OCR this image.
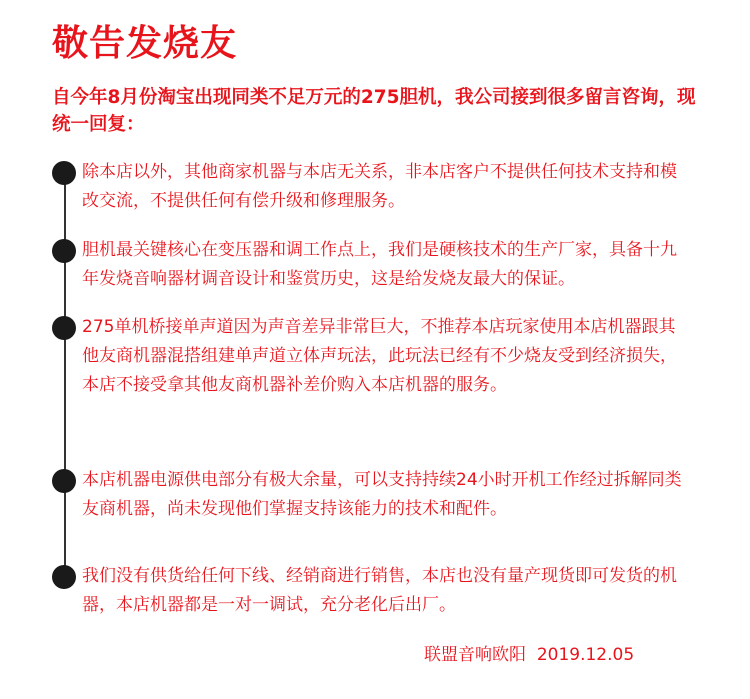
敬告发烧友
自今年8月份淘宝出现同类不足万元的275胆机，我公司接到很多留言咨询，现统一回复：
除本店以外，其他商家机器与本店无关系，非本店客户不提供任何技术支持和模改交流，不提供任何有偿升级和修理服务。
胆机最关键核心在变压器和调工作点上，我们是硬核技术的生产厂家，具备十九年发烧音响器材调音设计和鉴赏历史，这是给发烧友最大的保证。
275单机桥接单声道因为声音差异非常巨大，不推荐本店玩家使用本店机器跟其他友商机器混搭组建单声道立体声玩法，此玩法已经有不少烧友受到经济损失，本店不接受拿其他友商机器补差价购入本店机器的服务。
本店机器电源供电部分有极大余量，可以支持持续24小时开机工作经过拆解同类友商机器，尚未发现他们掌握支持该能力的技术和配件。
我们没有供货给任何下线、经销商进行销售，本店也没有量产现货即可发货的机器，本店机器都是一对一调试，充分老化后出厂。
联盟音响欧阳 2019.12.05
